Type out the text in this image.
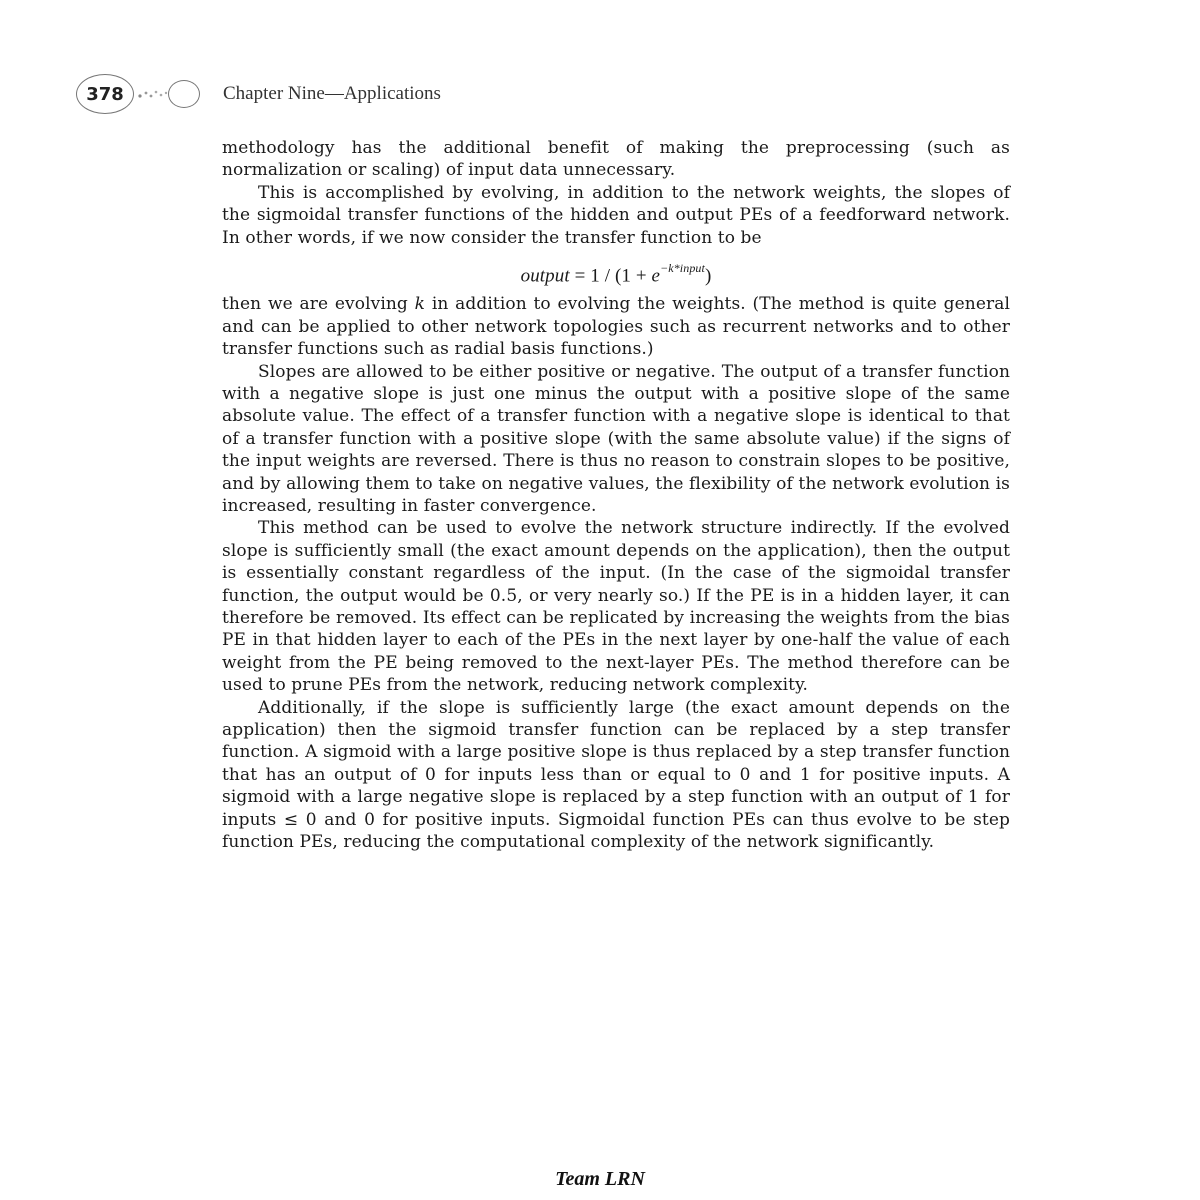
378	Chapter Nine—Applications

methodology has the additional benefit of making the preprocessing (such as normalization or scaling) of input data unnecessary.

This is accomplished by evolving, in addition to the network weights, the slopes of the sigmoidal transfer functions of the hidden and output PEs of a feedforward network. In other words, if we now consider the transfer function to be

output = $1 / (1 + e^{-k*input})$

then we are evolving k in addition to evolving the weights. (The method is quite general and can be applied to other network topologies such as recurrent networks and to other transfer functions such as radial basis functions.)

Slopes are allowed to be either positive or negative. The output of a transfer function with a negative slope is just one minus the output with a positive slope of the same absolute value. The effect of a transfer function with a negative slope is identical to that of a transfer function with a positive slope (with the same absolute value) if the signs of the input weights are reversed. There is thus no reason to constrain slopes to be positive, and by allowing them to take on negative values, the flexibility of the network evolution is increased, resulting in faster convergence.

This method can be used to evolve the network structure indirectly. If the evolved slope is sufficiently small (the exact amount depends on the application), then the output is essentially constant regardless of the input. (In the case of the sigmoidal transfer function, the output would be 0.5, or very nearly so.) If the PE is in a hidden layer, it can therefore be removed. Its effect can be replicated by increasing the weights from the bias PE in that hidden layer to each of the PEs in the next layer by one-half the value of each weight from the PE being removed to the next-layer PEs. The method therefore can be used to prune PEs from the network, reducing network complexity.

Additionally, if the slope is sufficiently large (the exact amount depends on the application) then the sigmoid transfer function can be replaced by a step transfer function. A sigmoid with a large positive slope is thus replaced by a step transfer function that has an output of 0 for inputs less than or equal to 0 and 1 for positive inputs. A sigmoid with a large negative slope is replaced by a step function with an output of 1 for inputs ≤ 0 and 0 for positive inputs. Sigmoidal function PEs can thus evolve to be step function PEs, reducing the computational complexity of the network significantly.

Team LRN
